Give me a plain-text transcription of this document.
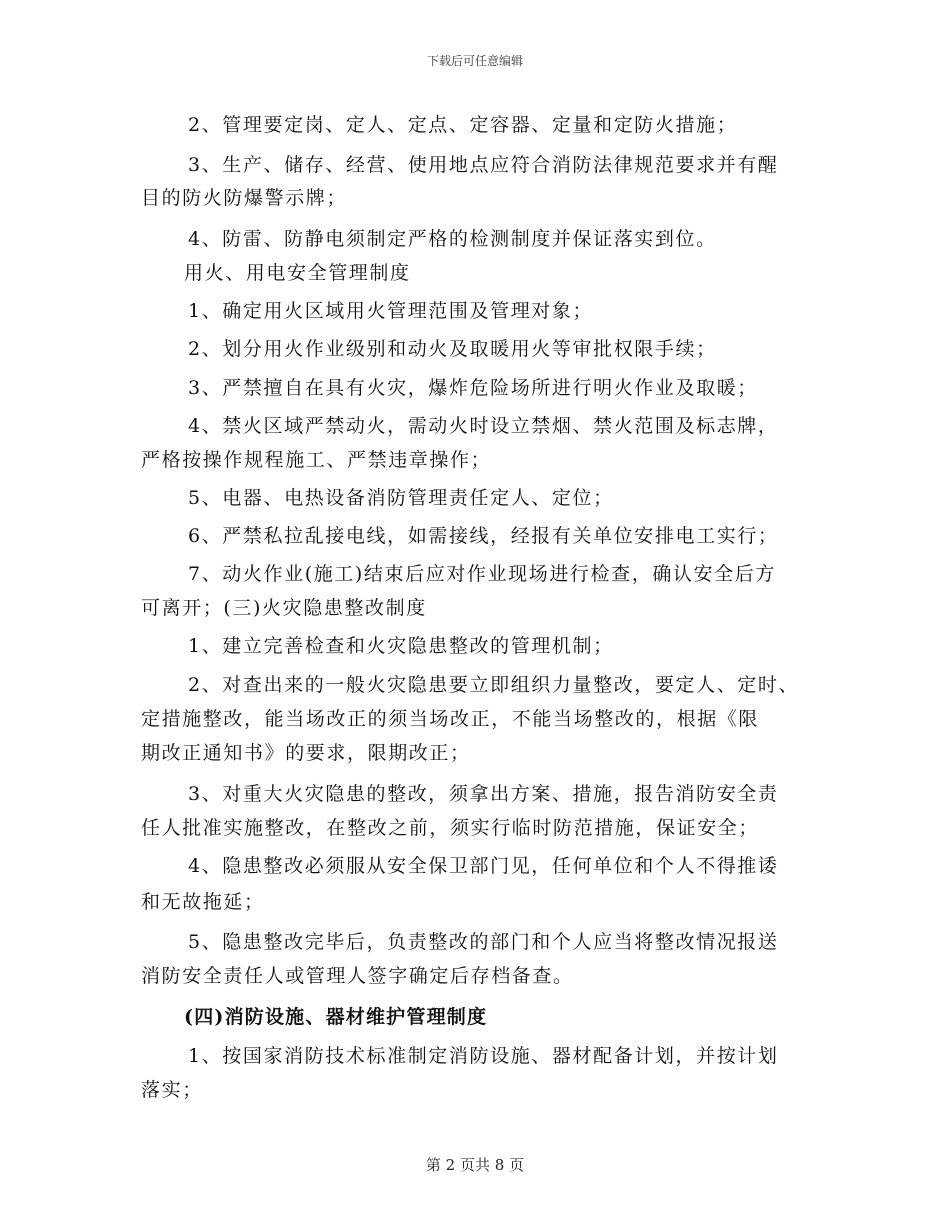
下载后可任意编辑
2、管理要定岗、定人、定点、定容器、定量和定防火措施；
3、生产、储存、经营、使用地点应符合消防法律规范要求并有醒
目的防火防爆警示牌；
4、防雷、防静电须制定严格的检测制度并保证落实到位。
用火、用电安全管理制度
1、确定用火区域用火管理范围及管理对象；
2、划分用火作业级别和动火及取暖用火等审批权限手续；
3、严禁擅自在具有火灾，爆炸危险场所进行明火作业及取暖；
4、禁火区域严禁动火，需动火时设立禁烟、禁火范围及标志牌，
严格按操作规程施工、严禁违章操作；
5、电器、电热设备消防管理责任定人、定位；
6、严禁私拉乱接电线，如需接线，经报有关单位安排电工实行；
7、动火作业(施工)结束后应对作业现场进行检查，确认安全后方
可离开；(三)火灾隐患整改制度
1、建立完善检查和火灾隐患整改的管理机制；
2、对查出来的一般火灾隐患要立即组织力量整改，要定人、定时、
定措施整改，能当场改正的须当场改正，不能当场整改的，根据《限
期改正通知书》的要求，限期改正；
3、对重大火灾隐患的整改，须拿出方案、措施，报告消防安全责
任人批准实施整改，在整改之前，须实行临时防范措施，保证安全；
4、隐患整改必须服从安全保卫部门见，任何单位和个人不得推诿
和无故拖延；
5、隐患整改完毕后，负责整改的部门和个人应当将整改情况报送
消防安全责任人或管理人签字确定后存档备查。
(四)消防设施、器材维护管理制度
1、按国家消防技术标准制定消防设施、器材配备计划，并按计划
落实；
第 2 页共 8 页
